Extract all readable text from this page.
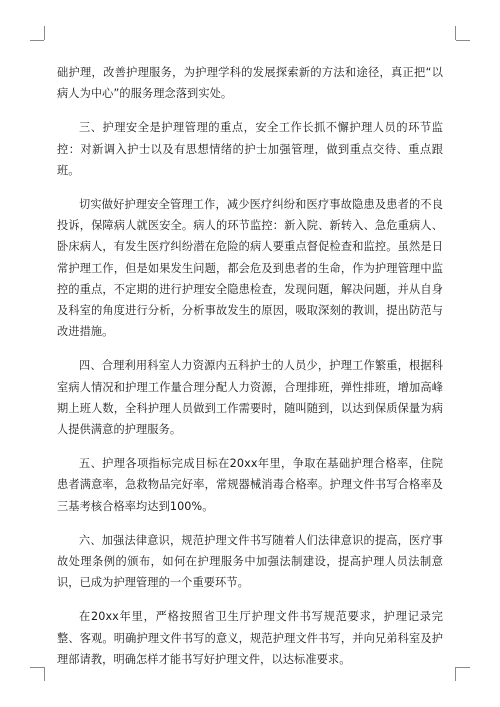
础护理，改善护理服务，为护理学科的发展探索新的方法和途径，真正把“以病人为中心”的服务理念落到实处。

三、护理安全是护理管理的重点，安全工作长抓不懈护理人员的环节监控：对新调入护士以及有思想情绪的护士加强管理，做到重点交待、重点跟班。

切实做好护理安全管理工作，减少医疗纠纷和医疗事故隐患及患者的不良投诉，保障病人就医安全。病人的环节监控：新入院、新转入、急危重病人、卧床病人，有发生医疗纠纷潜在危险的病人要重点督促检查和监控。虽然是日常护理工作，但是如果发生问题，都会危及到患者的生命，作为护理管理中监控的重点，不定期的进行护理安全隐患检查，发现问题，解决问题，并从自身及科室的角度进行分析，分析事故发生的原因，吸取深刻的教训，提出防范与改进措施。

四、合理利用科室人力资源内五科护士的人员少，护理工作繁重，根据科室病人情况和护理工作量合理分配人力资源，合理排班，弹性排班，增加高峰期上班人数，全科护理人员做到工作需要时，随叫随到，以达到保质保量为病人提供满意的护理服务。

五、护理各项指标完成目标在20xx年里，争取在基础护理合格率，住院患者满意率，急救物品完好率，常规器械消毒合格率。护理文件书写合格率及三基考核合格率均达到100%。

六、加强法律意识，规范护理文件书写随着人们法律意识的提高，医疗事故处理条例的颁布，如何在护理服务中加强法制建设，提高护理人员法制意识，已成为护理管理的一个重要环节。

在20xx年里，严格按照省卫生厅护理文件书写规范要求，护理记录完整、客观。明确护理文件书写的意义，规范护理文件书写，并向兄弟科室及护理部请教，明确怎样才能书写好护理文件，以达标准要求。
